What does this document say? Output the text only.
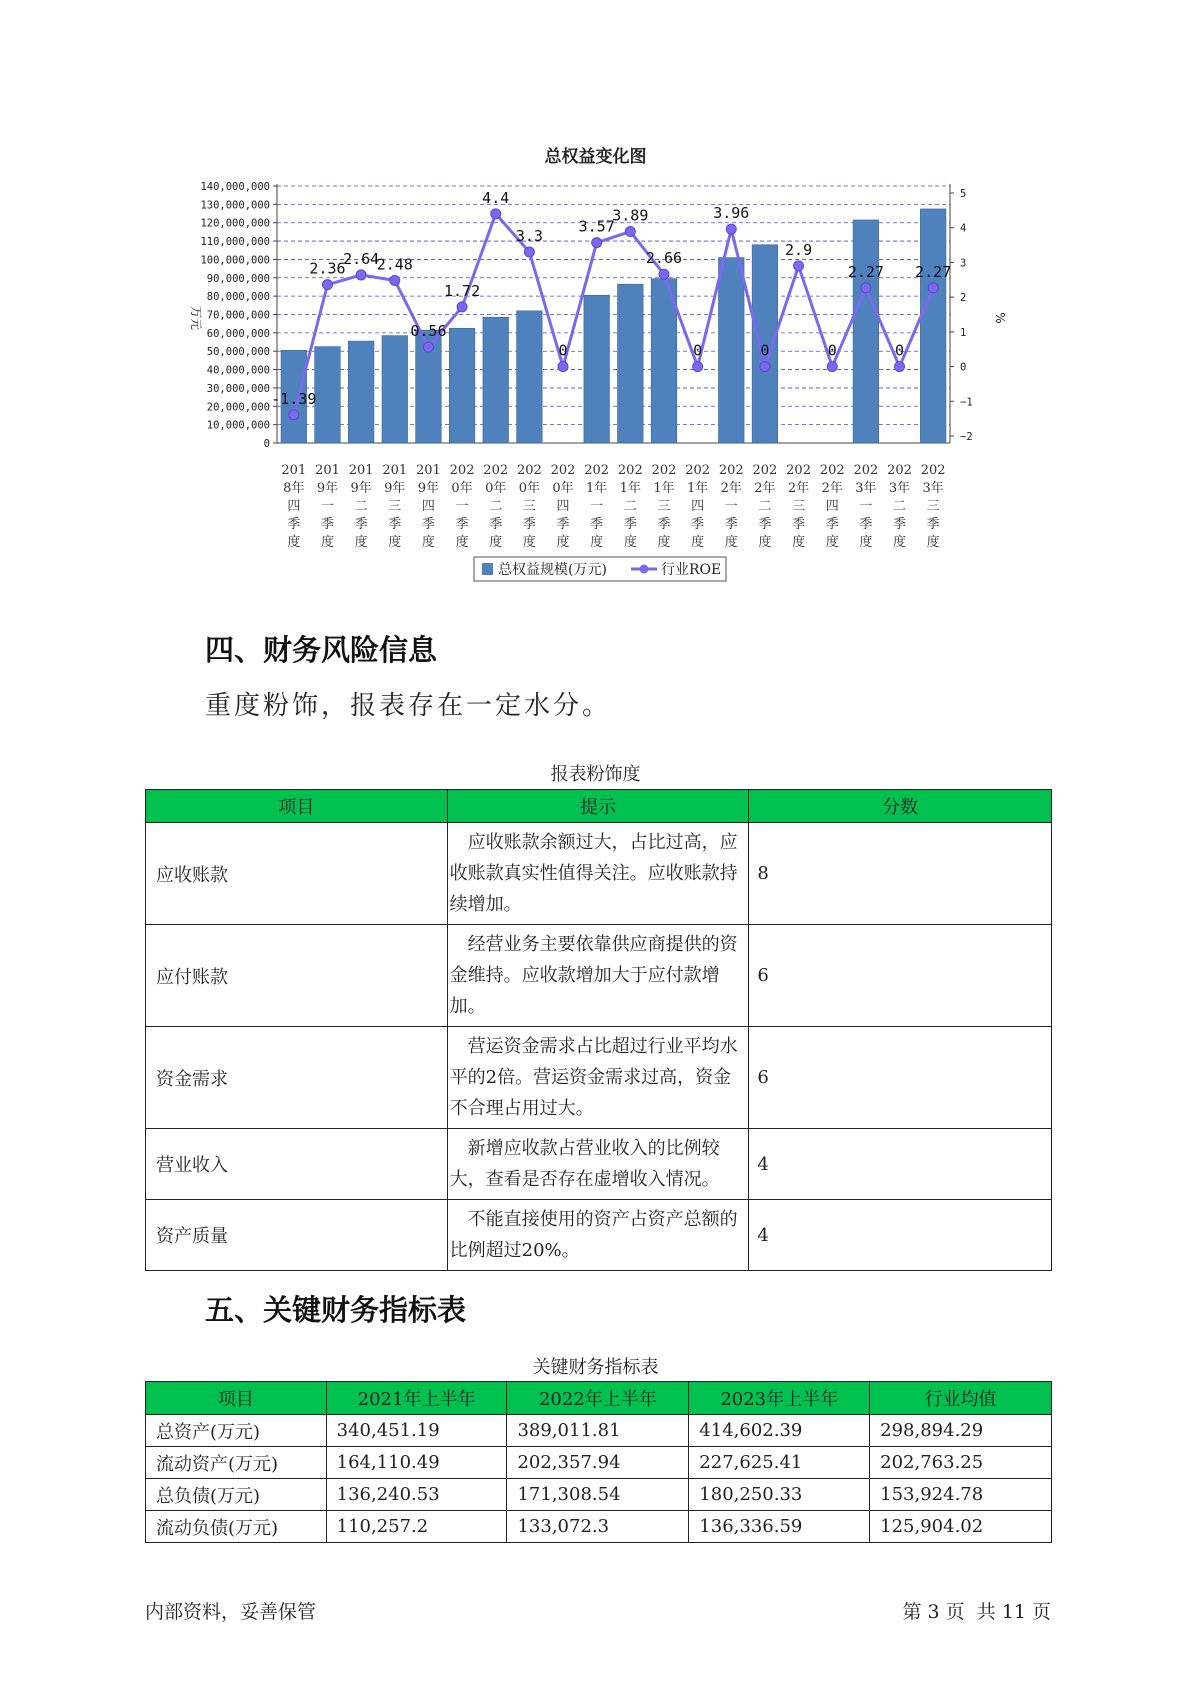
总权益变化图
0
10,000,000
20,000,000
30,000,000
40,000,000
50,000,000
60,000,000
70,000,000
80,000,000
90,000,000
100,000,000
110,000,000
120,000,000
130,000,000
140,000,000
−2
−1
0
1
2
3
4
5
万元	%
-1.39
2.36
2.64
2.48
0.56
1.72
4.4
3.3
0
3.57
3.89
2.66
0
3.96
0
2.9
0
2.27
0
2.27
201
8年
四
季
度
201
9年
一
季
度
201
9年
二
季
度
201
9年
三
季
度
201
9年
四
季
度
202
0年
一
季
度
202
0年
二
季
度
202
0年
三
季
度
202
0年
四
季
度
202
1年
一
季
度
202
1年
二
季
度
202
1年
三
季
度
202
1年
四
季
度
202
2年
一
季
度
202
2年
二
季
度
202
2年
三
季
度
202
2年
四
季
度
202
3年
一
季
度
202
3年
二
季
度
202
3年
三
季
度
总权益规模(万元)	行业ROE
四、财务风险信息
重度粉饰，报表存在一定水分。
报表粉饰度
项目	提示	分数
应收账款	应收账款余额过大，占比过高，应收账款真实性值得关注。应收账款持续增加。	8
应付账款	经营业务主要依靠供应商提供的资金维持。应收款增加大于应付款增加。	6
资金需求	营运资金需求占比超过行业平均水平的2倍。营运资金需求过高，资金不合理占用过大。	6
营业收入	新增应收款占营业收入的比例较大，查看是否存在虚增收入情况。	4
资产质量	不能直接使用的资产占资产总额的比例超过20%。	4
五、关键财务指标表
关键财务指标表
项目	2021年上半年	2022年上半年	2023年上半年	行业均值
总资产(万元)	340,451.19	389,011.81	414,602.39	298,894.29
流动资产(万元)	164,110.49	202,357.94	227,625.41	202,763.25
总负债(万元)	136,240.53	171,308.54	180,250.33	153,924.78
流动负债(万元)	110,257.2	133,072.3	136,336.59	125,904.02
内部资料，妥善保管	第 3 页  共 11 页
